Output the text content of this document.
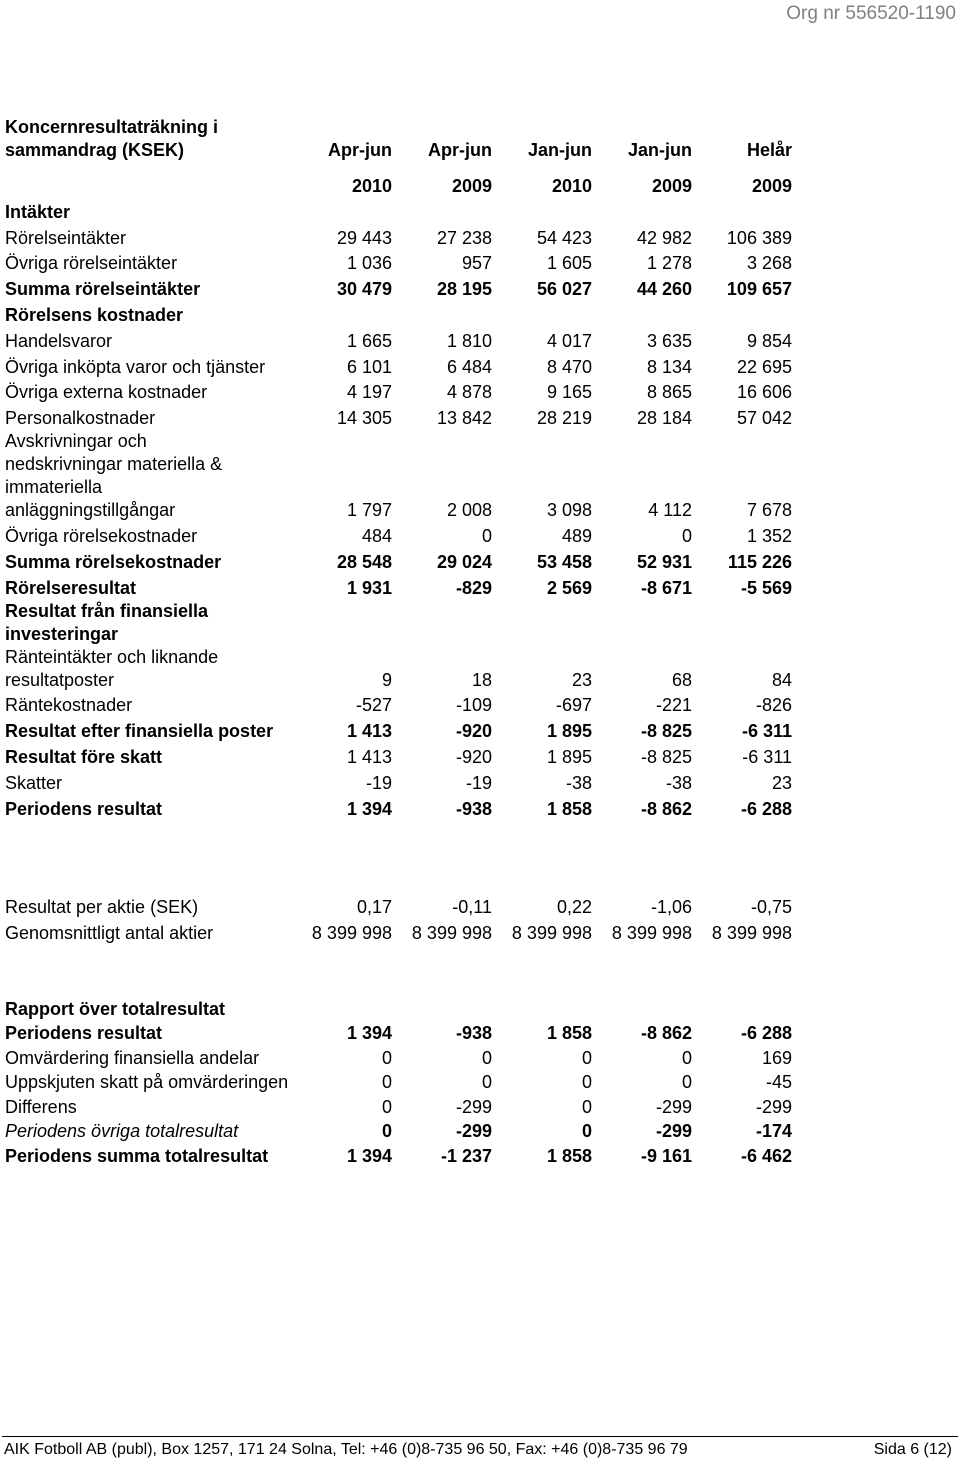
Org nr 556520-1190
Koncernresultaträkning i sammandrag (KSEK)	Apr-jun	Apr-jun	Jan-jun	Jan-jun	Helår

	2010	2009	2010	2009	2009
Intäkter					
Rörelseintäkter	29 443	27 238	54 423	42 982	106 389
Övriga rörelseintäkter	1 036	957	1 605	1 278	3 268
Summa rörelseintäkter	30 479	28 195	56 027	44 260	109 657
Rörelsens kostnader					
Handelsvaror	1 665	1 810	4 017	3 635	9 854
Övriga inköpta varor och tjänster	6 101	6 484	8 470	8 134	22 695
Övriga externa kostnader	4 197	4 878	9 165	8 865	16 606
Personalkostnader	14 305	13 842	28 219	28 184	57 042
Avskrivningar och nedskrivningar materiella & immateriella anläggningstillgångar	1 797	2 008	3 098	4 112	7 678
Övriga rörelsekostnader	484	0	489	0	1 352
Summa rörelsekostnader	28 548	29 024	53 458	52 931	115 226
Rörelseresultat	1 931	-829	2 569	-8 671	-5 569
Resultat från finansiella investeringar					
Ränteintäkter och liknande resultatposter	9	18	23	68	84
Räntekostnader	-527	-109	-697	-221	-826
Resultat efter finansiella poster	1 413	-920	1 895	-8 825	-6 311
Resultat före skatt	1 413	-920	1 895	-8 825	-6 311
Skatter	-19	-19	-38	-38	23
Periodens resultat	1 394	-938	1 858	-8 862	-6 288
Resultat per aktie (SEK)	0,17	-0,11	0,22	-1,06	-0,75
Genomsnittligt antal aktier	8 399 998	8 399 998	8 399 998	8 399 998	8 399 998
Rapport över totalresultat					
Periodens resultat	1 394	-938	1 858	-8 862	-6 288
Omvärdering finansiella andelar	0	0	0	0	169
Uppskjuten skatt på omvärderingen	0	0	0	0	-45
Differens	0	-299	0	-299	-299
Periodens övriga totalresultat	0	-299	0	-299	-174
Periodens summa totalresultat	1 394	-1 237	1 858	-9 161	-6 462
AIK Fotboll AB (publ), Box 1257, 171 24 Solna, Tel: +46 (0)8-735 96 50, Fax: +46 (0)8-735 96 79	Sida 6 (12)
